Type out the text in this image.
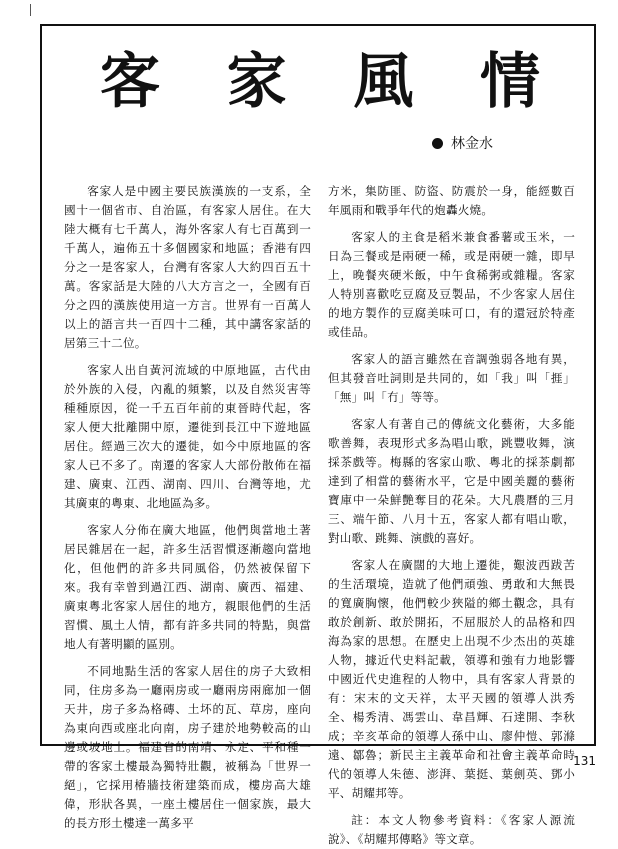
客 家 風 情
林金水

客家人是中國主要民族漢族的一支系，全國十一個省市、自治區，有客家人居住。在大陸大概有七千萬人，海外客家人有七百萬到一千萬人，遍佈五十多個國家和地區；香港有四分之一是客家人，台灣有客家人大約四百五十萬。客家話是大陸的八大方言之一，全國有百分之四的漢族使用這一方言。世界有一百萬人以上的語言共一百四十二種，其中講客家話的居第三十二位。

客家人出自黃河流域的中原地區，古代由於外族的入侵，內亂的頻繁，以及自然災害等種種原因，從一千五百年前的東晉時代起，客家人便大批離開中原，遷徙到長江中下遊地區居住。經過三次大的遷徙，如今中原地區的客家人已不多了。南遷的客家人大部份散佈在福建、廣東、江西、湖南、四川、台灣等地，尤其廣東的粵東、北地區為多。

客家人分佈在廣大地區，他們與當地土著居民雜居在一起，許多生活習慣逐漸趨向當地化，但他們的許多共同風俗，仍然被保留下來。我有幸曾到過江西、湖南、廣西、福建、廣東粵北客家人居住的地方，親眼他們的生活習慣、風土人情，都有許多共同的特點，與當地人有著明顯的區別。

不同地點生活的客家人居住的房子大致相同，住房多為一廳兩房或一廳兩房兩廊加一個天井，房子多為格磚、土坏的瓦、草房，座向為東向西或座北向南，房子建於地勢較高的山邊或坡地上。福建省的南靖、永定、平和種一帶的客家土樓最為獨特壯觀，被稱為「世界一絕」，它採用椿牆技術建築而成，樓房高大雄偉，形狀各異，一座土樓居住一個家族，最大的長方形土樓達一萬多平

方米，集防匪、防盜、防震於一身，能經數百年風雨和戰爭年代的炮轟火燒。

客家人的主食是稻米兼食番薯或玉米，一日為三餐或是兩硬一稀，或是兩硬一雜，即早上，晚餐夾硬米飯，中午食稀粥或雜糧。客家人特別喜歡吃豆腐及豆製品，不少客家人居住的地方製作的豆腐美味可口，有的還冠於特產或佳品。

客家人的語言雖然在音調強弱各地有異，但其發音吐詞則是共同的，如「我」叫「捱」「無」叫「冇」等等。

客家人有著自己的傳統文化藝術，大多能歌善舞，表現形式多為唱山歌，跳豐收舞，演採茶戲等。梅縣的客家山歌、粵北的採茶劇都達到了相當的藝術水平，它是中國美麗的藝術寶庫中一朵鮮艷奪目的花朵。大凡農曆的三月三、端午節、八月十五，客家人都有唱山歌，對山歌、跳舞、演戲的喜好。

客家人在廣闊的大地上遷徙，艱波西跋苦的生活環境，造就了他們頑強、勇敢和大無畏的寬廣胸懷，他們較少狹隘的鄉土觀念，具有敢於創新、敢於開拓，不屈服於人的品格和四海為家的思想。在歷史上出現不少杰出的英雄人物，據近代史料記載，領導和強有力地影響中國近代史進程的人物中，具有客家人背景的有：宋末的文天祥，太平天國的領導人洪秀全、楊秀清、馮雲山、韋昌輝、石達開、李秋成；辛亥革命的領導人孫中山、廖仲愷、郭滌遠、鄒魯；新民主主義革命和社會主義革命時代的領導人朱德、澎湃、葉挺、葉劍英、鄧小平、胡耀邦等。

註：本文人物參考資料：《客家人源流說》、《胡耀邦傳略》等文章。

131
